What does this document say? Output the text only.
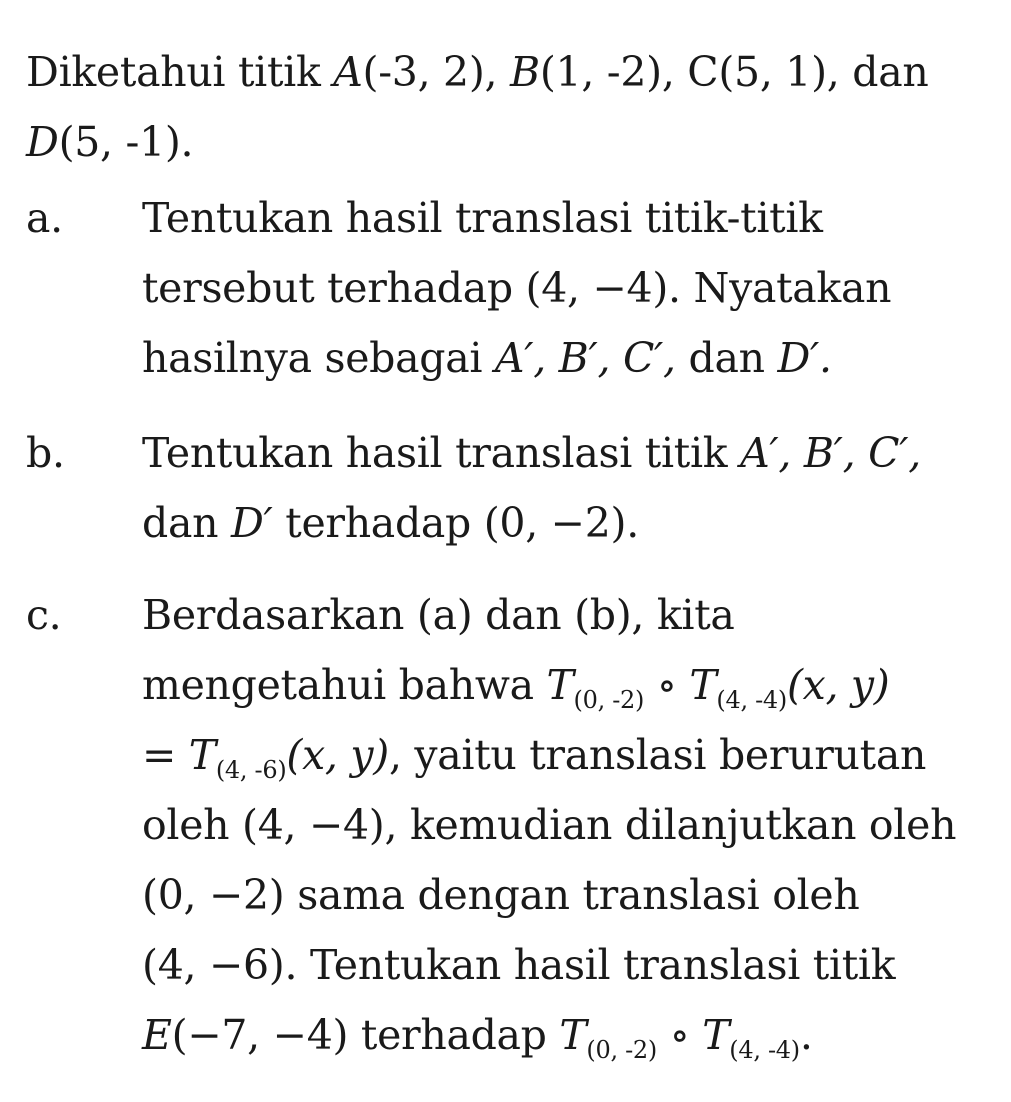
Diketahui titik A(-3, 2), B(1, -2), C(5, 1), dan
D(5, -1).
a. Tentukan hasil translasi titik-titik
tersebut terhadap (4, −4). Nyatakan
hasilnya sebagai A′, B′, C′, dan D′.
b. Tentukan hasil translasi titik A′, B′, C′,
dan D′ terhadap (0, −2).
c. Berdasarkan (a) dan (b), kita
mengetahui bahwa $T_{(0, -2)}$ ∘ $T_{(4, -4)}(x$, y)
= $T_{(4, -6)}(x$, y), yaitu translasi berurutan
oleh (4, −4), kemudian dilanjutkan oleh
(0, −2) sama dengan translasi oleh
(4, −6). Tentukan hasil translasi titik
E(−7, −4) terhadap $T_{(0, -2)}$ ∘ $T_{(4, -4)}$.
